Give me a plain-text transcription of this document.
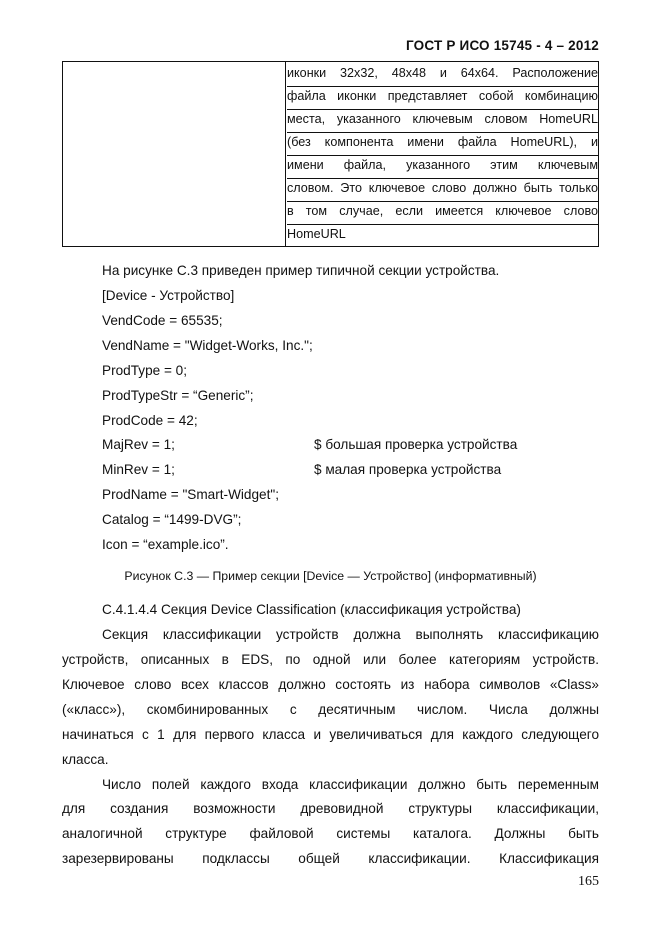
ГОСТ Р ИСО 15745 - 4 – 2012
иконки 32x32, 48x48 и 64x64. Расположение
файла иконки представляет собой комбинацию
места, указанного ключевым словом HomeURL
(без компонента имени файла HomeURL), и
имени файла, указанного этим ключевым
словом. Это ключевое слово должно быть только
в том случае, если имеется ключевое слово
HomeURL
На рисунке С.3 приведен пример типичной секции устройства.
[Device - Устройство]
VendCode = 65535;
VendName = "Widget-Works, Inc.";
ProdType = 0;
ProdTypeStr = “Generic”;
ProdCode = 42;
MajRev = 1;	$ большая проверка устройства
MinRev = 1;	$ малая проверка устройства
ProdName = "Smart-Widget";
Catalog = “1499-DVG”;
Icon = “example.ico”.
Рисунок С.3 — Пример секции [Device — Устройство] (информативный)
С.4.1.4.4 Секция Device Classification (классификация устройства)
Секция классификации устройств должна выполнять классификацию
устройств, описанных в EDS, по одной или более категориям устройств.
Ключевое слово всех классов должно состоять из набора символов «Class»
(«класс»), скомбинированных с десятичным числом. Числа должны
начинаться с 1 для первого класса и увеличиваться для каждого следующего
класса.
Число полей каждого входа классификации должно быть переменным
для создания возможности древовидной структуры классификации,
аналогичной структуре файловой системы каталога. Должны быть
зарезервированы подклассы общей классификации. Классификация
165
